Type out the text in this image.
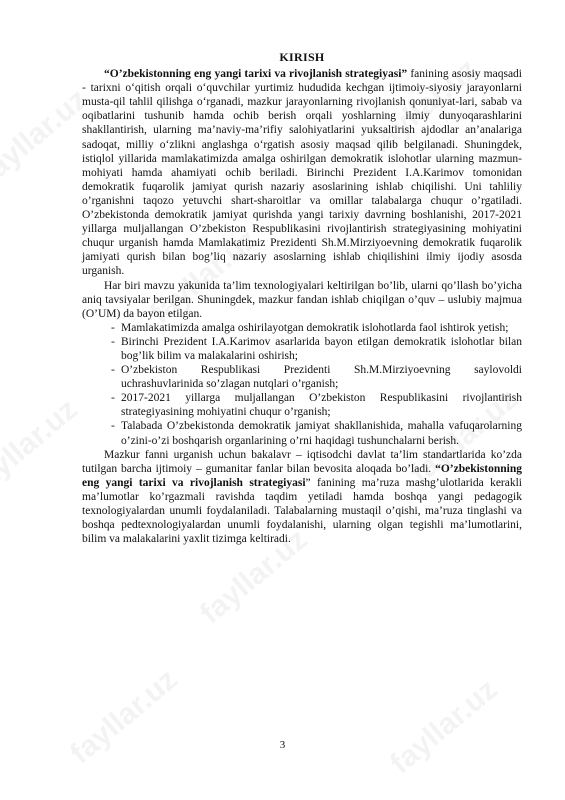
KIRISH

“O’zbekistonning eng yangi tarixi va rivojlanish strategiyasi” fanining asosiy maqsadi - tarixni o‘qitish orqali o‘quvchilar yurtimiz hududida kechgan ijtimoiy-siyosiy jarayonlarni musta-qil tahlil qilishga o‘rganadi, mazkur jarayonlarning rivojlanish qonuniyat-lari, sabab va oqibatlarini tushunib hamda ochib berish orqali yoshlarning ilmiy dunyoqarashlarini shakllantirish, ularning ma’naviy-ma’rifiy salohiyatlarini yuksaltirish ajdodlar an’analariga sadoqat, milliy o‘zlikni anglashga o‘rgatish asosiy maqsad qilib belgilanadi. Shuningdek, istiqlol yillarida mamlakatimizda amalga oshirilgan demokratik islohotlar ularning mazmun-mohiyati hamda ahamiyati ochib beriladi. Birinchi Prezident I.A.Karimov tomonidan demokratik fuqarolik jamiyat qurish nazariy asoslarining ishlab chiqilishi. Uni tahliliy o’rganishni taqozo yetuvchi shart-sharoitlar va omillar talabalarga chuqur o’rgatiladi. O’zbekistonda demokratik jamiyat qurishda yangi tarixiy davrning boshlanishi, 2017-2021 yillarga muljallangan O’zbekiston Respublikasini rivojlantirish strategiyasining mohiyatini chuqur urganish hamda Mamlakatimiz Prezidenti Sh.M.Mirziyoevning demokratik fuqarolik jamiyati qurish bilan bog’liq nazariy asoslarning ishlab chiqilishini ilmiy ijodiy asosda urganish.

Har biri mavzu yakunida ta’lim texnologiyalari keltirilgan bo’lib, ularni qo’llash bo’yicha aniq tavsiyalar berilgan. Shuningdek, mazkur fandan ishlab chiqilgan o’quv – uslubiy majmua (O’UM) da bayon etilgan.

- Mamlakatimizda amalga oshirilayotgan demokratik islohotlarda faol ishtirok yetish;
- Birinchi Prezident I.A.Karimov asarlarida bayon etilgan demokratik islohotlar bilan bog’lik bilim va malakalarini oshirish;
- O’zbekiston Respublikasi Prezidenti Sh.M.Mirziyoevning saylovoldi uchrashuvlarinida so’zlagan nutqlari o’rganish;
- 2017-2021 yillarga muljallangan O’zbekiston Respublikasini rivojlantirish strategiyasining mohiyatini chuqur o’rganish;
- Talabada O’zbekistonda demokratik jamiyat shakllanishida, mahalla vafuqarolarning o’zini-o’zi boshqarish organlarining o’rni haqidagi tushunchalarni berish.

Mazkur fanni urganish uchun bakalavr – iqtisodchi davlat ta’lim standartlarida ko’zda tutilgan barcha ijtimoiy – gumanitar fanlar bilan bevosita aloqada bo’ladi. “O’zbekistonning eng yangi tarixi va rivojlanish strategiyasi” fanining ma’ruza mashg’ulotlarida kerakli ma’lumotlar ko’rgazmali ravishda taqdim yetiladi hamda boshqa yangi pedagogik texnologiyalardan unumli foydalaniladi. Talabalarning mustaqil o’qishi, ma’ruza tinglashi va boshqa pedtexnologiyalardan unumli foydalanishi, ularning olgan tegishli ma’lumotlarini, bilim va malakalarini yaxlit tizimga keltiradi.

3
